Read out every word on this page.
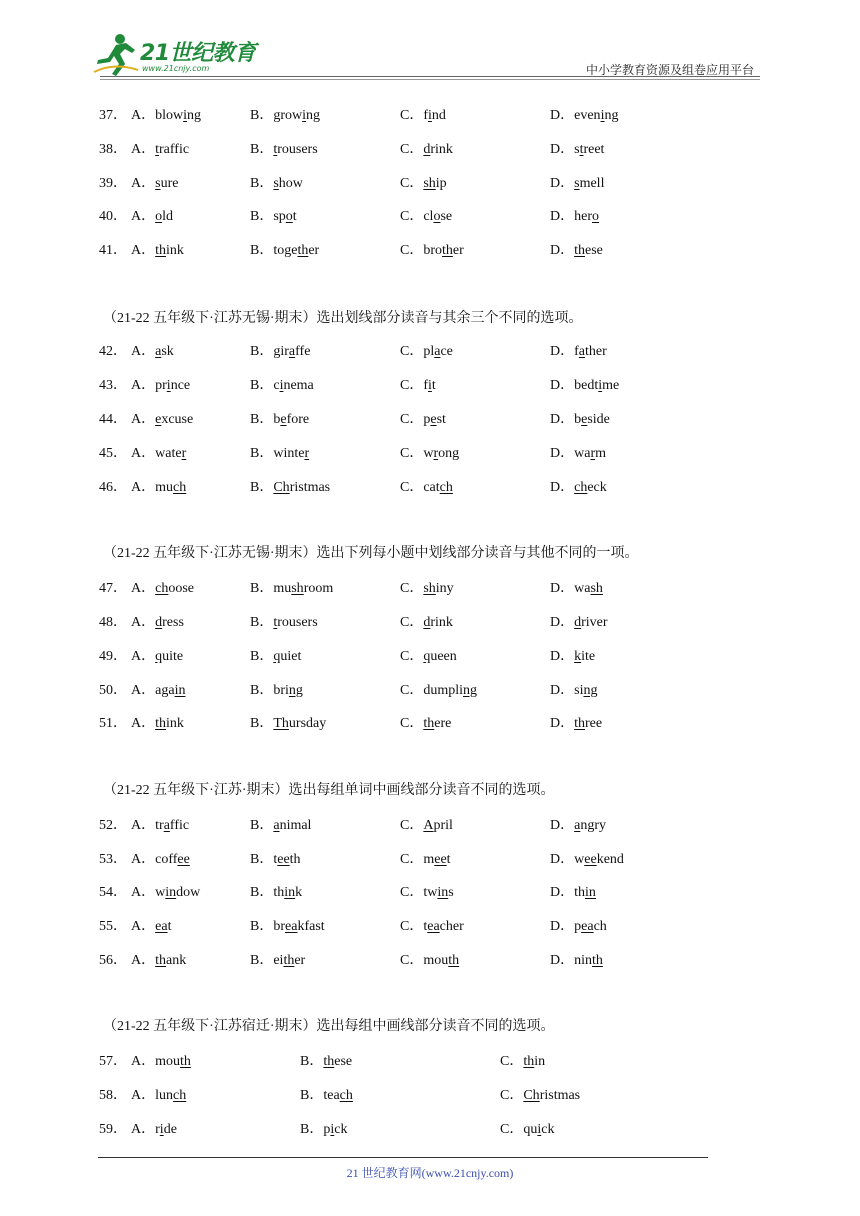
21世纪教育
www.21cnjy.com	中小学教育资源及组卷应用平台
（21-22 五年级下·江苏无锡·期末）选出划线部分读音与其余三个不同的选项。
（21-22 五年级下·江苏无锡·期末）选出下列每小题中划线部分读音与其他不同的一项。
（21-22 五年级下·江苏·期末）选出每组单词中画线部分读音不同的选项。
（21-22 五年级下·江苏宿迁·期末）选出每组中画线部分读音不同的选项。
37． A．blowing	B．growing	C．find	D．evening
38． A．traffic	B．trousers	C．drink	D．street
39． A．sure	B．show	C．ship	D．smell
40． A．old	B．spot	C．close	D．hero
41． A．think	B．together	C．brother	D．these
42． A．ask	B．giraffe	C．place	D．father
43． A．prince	B．cinema	C．fit	D．bedtime
44． A．excuse	B．before	C．pest	D．beside
45． A．water	B．winter	C．wrong	D．warm
46． A．much	B．Christmas	C．catch	D．check
47． A．choose	B．mushroom	C．shiny	D．wash
48． A．dress	B．trousers	C．drink	D．driver
49． A．quite	B．quiet	C．queen	D．kite
50． A．again	B．bring	C．dumpling	D．sing
51． A．think	B．Thursday	C．there	D．three
52． A．traffic	B．animal	C．April	D．angry
53． A．coffee	B．teeth	C．meet	D．weekend
54． A．window	B．think	C．twins	D．thin
55． A．eat	B．breakfast	C．teacher	D．peach
56． A．thank	B．either	C．mouth	D．ninth
57． A．mouth	B．these	C．thin
58． A．lunch	B．teach	C．Christmas
59． A．ride	B．pick	C．quick
21 世纪教育网(www.21cnjy.com)
